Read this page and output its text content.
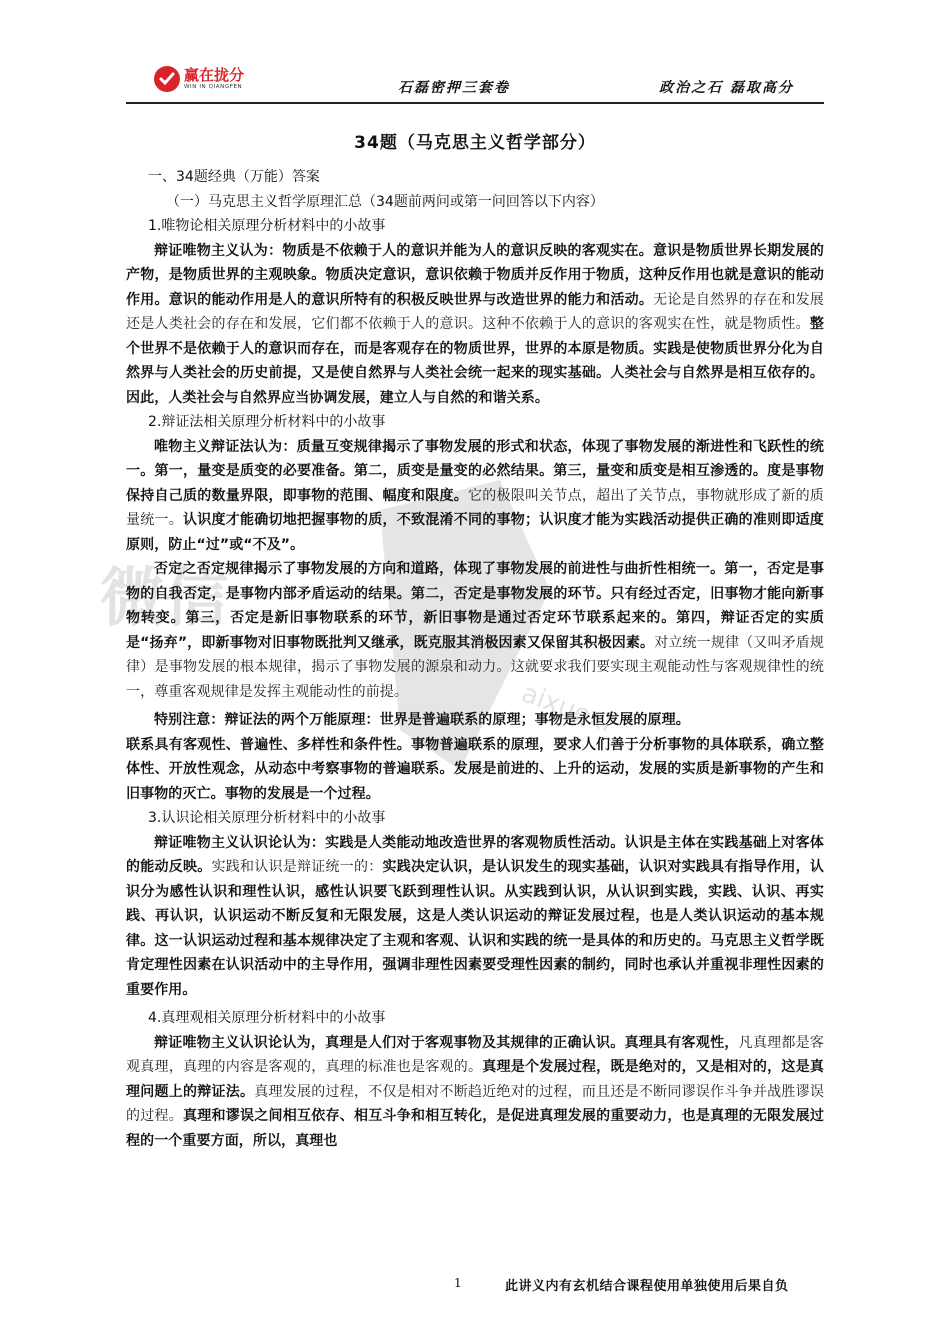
微信
aixuexi
赢在拢分
WIN IN QIANGFEN	石磊密押三套卷	政治之石 磊取高分
34题（马克思主义哲学部分）

一、34题经典（万能）答案

（一）马克思主义哲学原理汇总（34题前两问或第一问回答以下内容）

1.唯物论相关原理分析材料中的小故事

辩证唯物主义认为：物质是不依赖于人的意识并能为人的意识反映的客观实在。意识是物质世界长期发展的产物，是物质世界的主观映象。物质决定意识，意识依赖于物质并反作用于物质，这种反作用也就是意识的能动作用。意识的能动作用是人的意识所特有的积极反映世界与改造世界的能力和活动。无论是自然界的存在和发展还是人类社会的存在和发展，它们都不依赖于人的意识。这种不依赖于人的意识的客观实在性，就是物质性。整个世界不是依赖于人的意识而存在，而是客观存在的物质世界，世界的本原是物质。实践是使物质世界分化为自然界与人类社会的历史前提，又是使自然界与人类社会统一起来的现实基础。人类社会与自然界是相互依存的。因此，人类社会与自然界应当协调发展，建立人与自然的和谐关系。

2.辩证法相关原理分析材料中的小故事

唯物主义辩证法认为：质量互变规律揭示了事物发展的形式和状态，体现了事物发展的渐进性和飞跃性的统一。第一，量变是质变的必要准备。第二，质变是量变的必然结果。第三，量变和质变是相互渗透的。度是事物保持自己质的数量界限，即事物的范围、幅度和限度。它的极限叫关节点，超出了关节点，事物就形成了新的质量统一。认识度才能确切地把握事物的质，不致混淆不同的事物；认识度才能为实践活动提供正确的准则即适度原则，防止“过”或“不及”。

否定之否定规律揭示了事物发展的方向和道路，体现了事物发展的前进性与曲折性相统一。第一，否定是事物的自我否定，是事物内部矛盾运动的结果。第二，否定是事物发展的环节。只有经过否定，旧事物才能向新事物转变。第三，否定是新旧事物联系的环节，新旧事物是通过否定环节联系起来的。第四，辩证否定的实质是“扬弃”，即新事物对旧事物既批判又继承，既克服其消极因素又保留其积极因素。对立统一规律（又叫矛盾规律）是事物发展的根本规律，揭示了事物发展的源泉和动力。这就要求我们要实现主观能动性与客观规律性的统一，尊重客观规律是发挥主观能动性的前提。

特别注意：辩证法的两个万能原理：世界是普遍联系的原理；事物是永恒发展的原理。

联系具有客观性、普遍性、多样性和条件性。事物普遍联系的原理，要求人们善于分析事物的具体联系，确立整体性、开放性观念，从动态中考察事物的普遍联系。发展是前进的、上升的运动，发展的实质是新事物的产生和旧事物的灭亡。事物的发展是一个过程。

3.认识论相关原理分析材料中的小故事

辩证唯物主义认识论认为：实践是人类能动地改造世界的客观物质性活动。认识是主体在实践基础上对客体的能动反映。实践和认识是辩证统一的：实践决定认识，是认识发生的现实基础，认识对实践具有指导作用，认识分为感性认识和理性认识，感性认识要飞跃到理性认识。从实践到认识，从认识到实践，实践、认识、再实践、再认识，认识运动不断反复和无限发展，这是人类认识运动的辩证发展过程，也是人类认识运动的基本规律。这一认识运动过程和基本规律决定了主观和客观、认识和实践的统一是具体的和历史的。马克思主义哲学既肯定理性因素在认识活动中的主导作用，强调非理性因素要受理性因素的制约，同时也承认并重视非理性因素的重要作用。

4.真理观相关原理分析材料中的小故事

辩证唯物主义认识论认为，真理是人们对于客观事物及其规律的正确认识。真理具有客观性，凡真理都是客观真理，真理的内容是客观的，真理的标准也是客观的。真理是个发展过程，既是绝对的，又是相对的，这是真理问题上的辩证法。真理发展的过程，不仅是相对不断趋近绝对的过程，而且还是不断同谬误作斗争并战胜谬误的过程。真理和谬误之间相互依存、相互斗争和相互转化，是促进真理发展的重要动力，也是真理的无限发展过程的一个重要方面，所以，真理也

1	此讲义内有玄机结合课程使用单独使用后果自负
